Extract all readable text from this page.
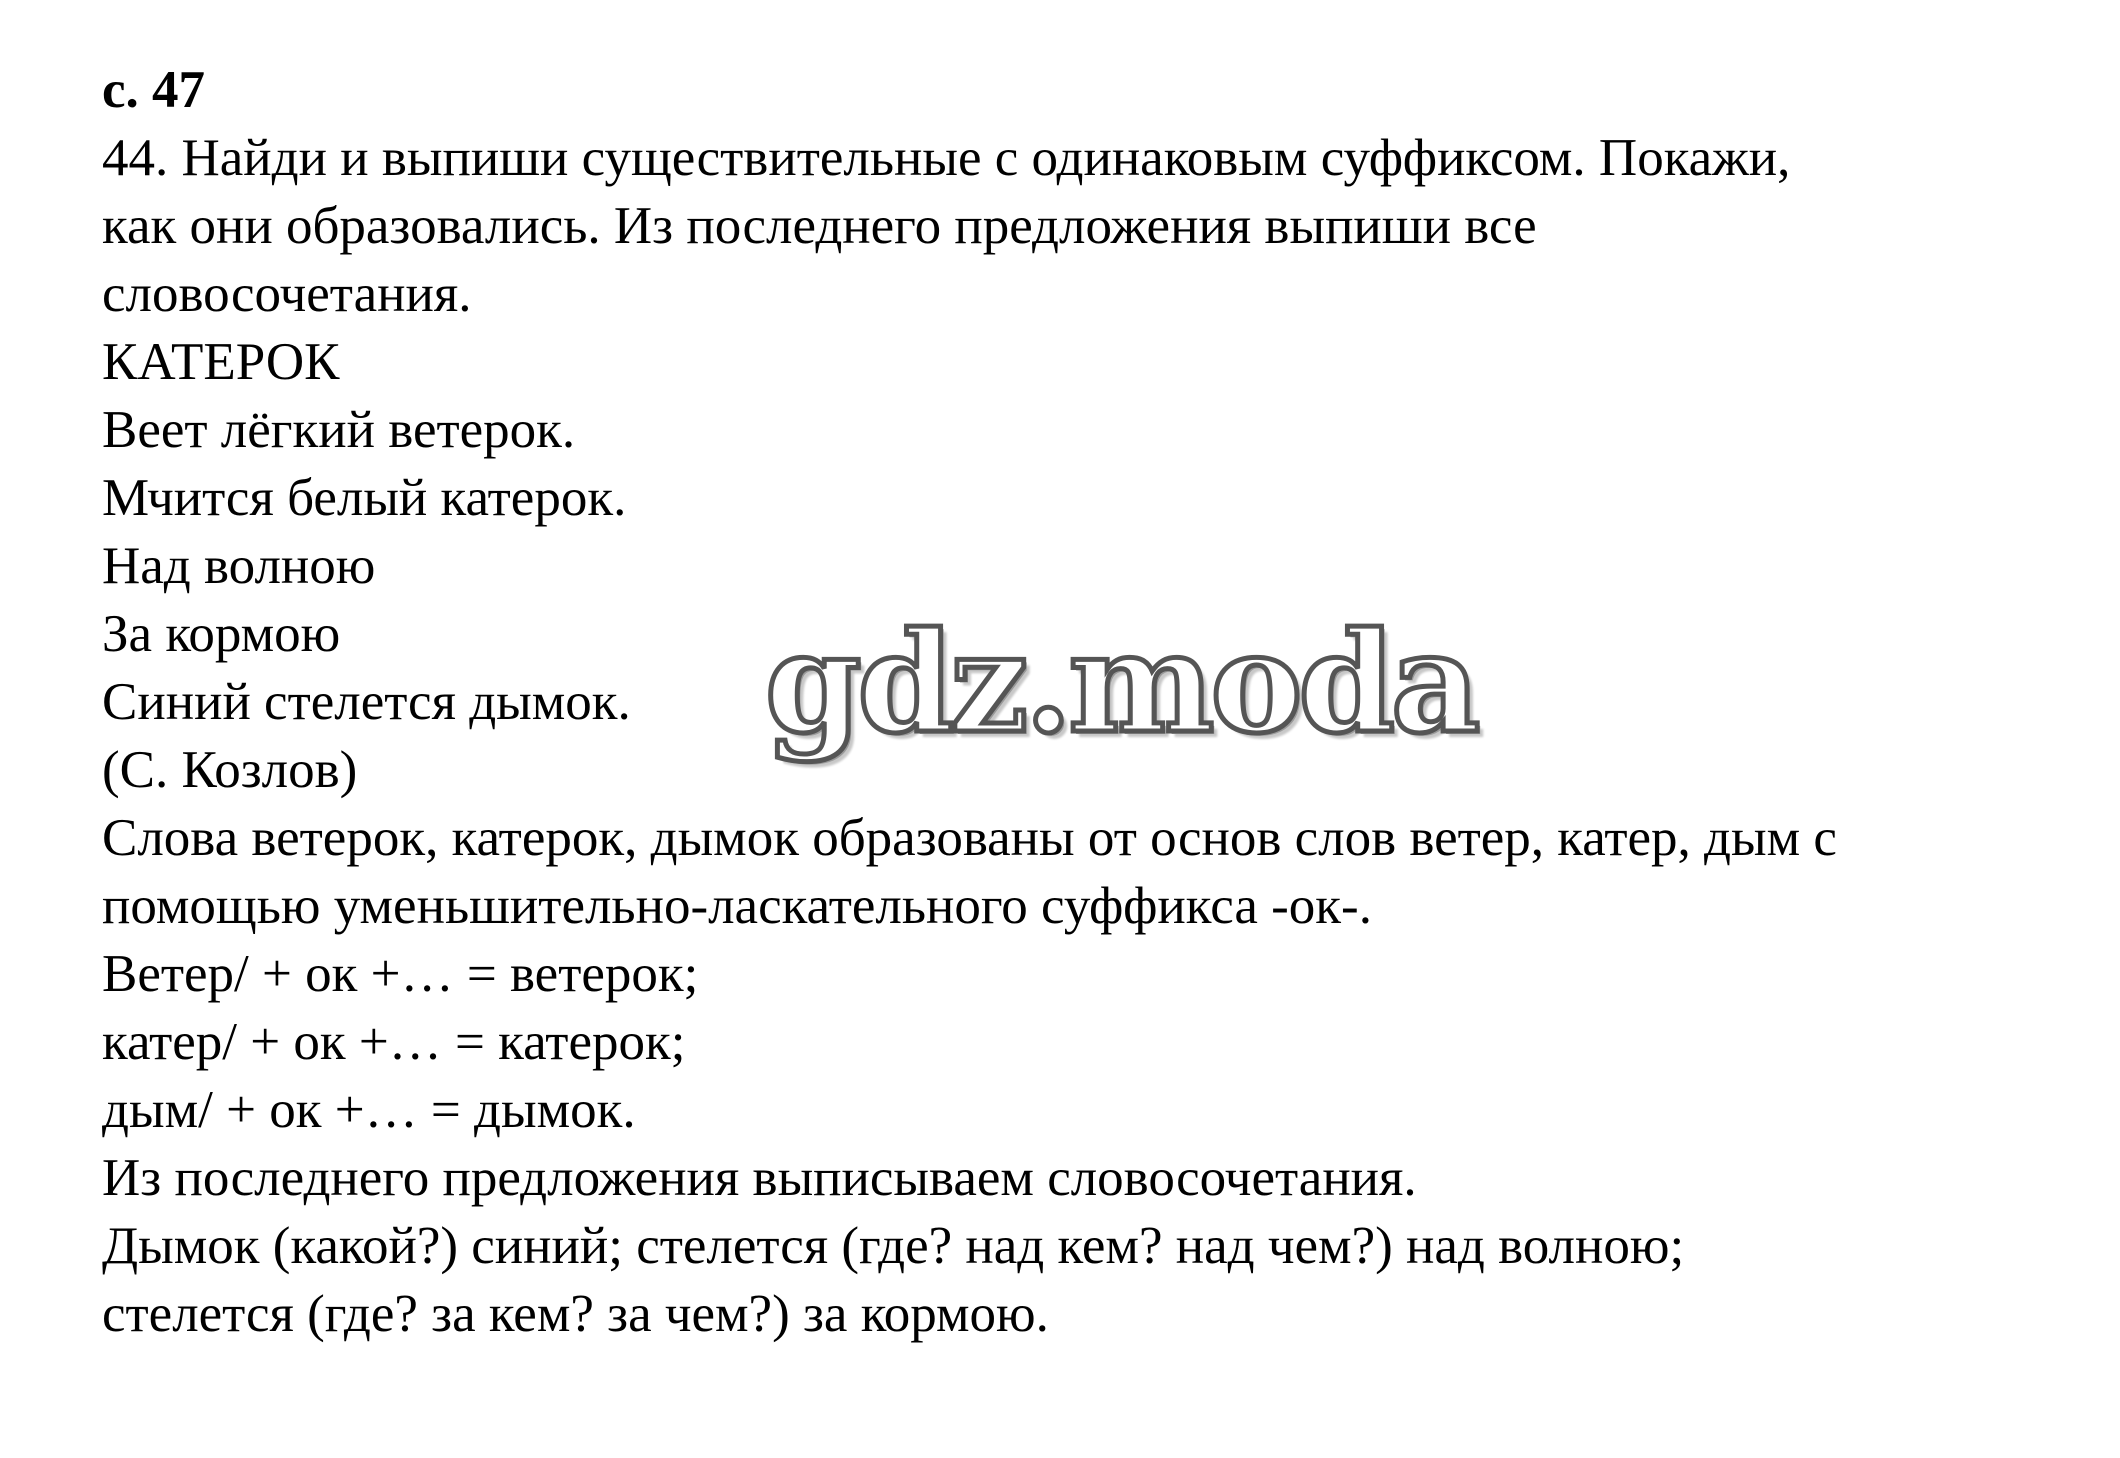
с. 47
44. Найди и выпиши существительные с одинаковым суффиксом. Покажи,
как они образовались. Из последнего предложения выпиши все
словосочетания.
КАТЕРОК
Веет лёгкий ветерок.
Мчится белый катерок.
Над волною
За кормою
Синий стелется дымок.
(С. Козлов)
Слова ветерок, катерок, дымок образованы от основ слов ветер, катер, дым с
помощью уменьшительно-ласкательного суффикса -ок-.
Ветер/ + ок +… = ветерок;
катер/ + ок +… = катерок;
дым/ + ок +… = дымок.
Из последнего предложения выписываем словосочетания.
Дымок (какой?) синий; стелется (где? над кем? над чем?) над волною;
стелется (где? за кем? за чем?) за кормою.
gdz.moda
